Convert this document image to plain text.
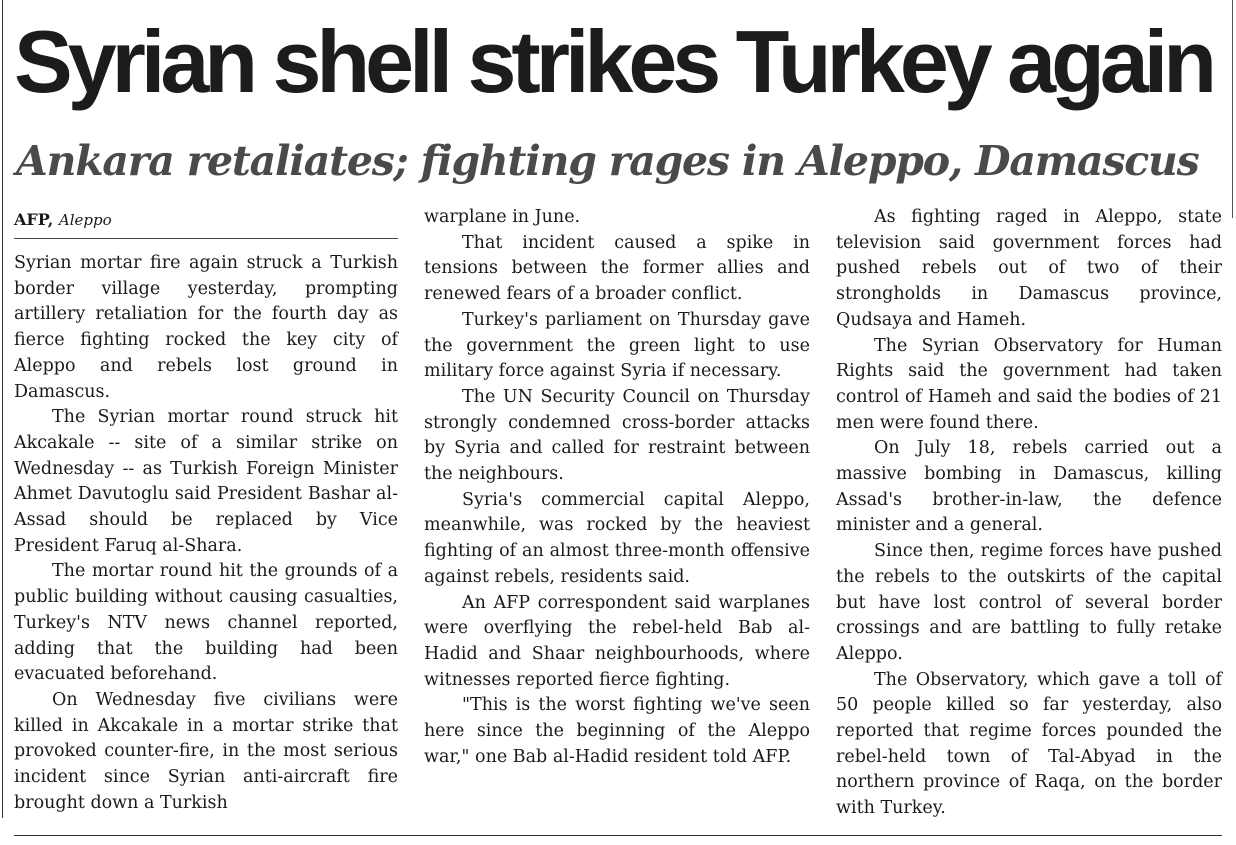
Syrian shell strikes Turkey again
Ankara retaliates; fighting rages in Aleppo, Damascus
AFP, Aleppo

Syrian mortar fire again struck a Turkish border village yesterday, prompting artillery retaliation for the fourth day as fierce fighting rocked the key city of Aleppo and rebels lost ground in Damascus.

The Syrian mortar round struck hit Akcakale -- site of a similar strike on Wednesday -- as Turkish Foreign Minister Ahmet Davutoglu said President Bashar al-Assad should be replaced by Vice President Faruq al-Shara.

The mortar round hit the grounds of a public building without causing casualties, Turkey's NTV news channel reported, adding that the building had been evacuated beforehand.

On Wednesday five civilians were killed in Akcakale in a mortar strike that provoked counter-fire, in the most serious incident since Syrian anti-aircraft fire brought down a Turkish

warplane in June.

That incident caused a spike in tensions between the former allies and renewed fears of a broader conflict.

Turkey's parliament on Thursday gave the government the green light to use military force against Syria if necessary.

The UN Security Council on Thursday strongly condemned cross-border attacks by Syria and called for restraint between the neighbours.

Syria's commercial capital Aleppo, meanwhile, was rocked by the heaviest fighting of an almost three-month offensive against rebels, residents said.

An AFP correspondent said warplanes were overflying the rebel-held Bab al-Hadid and Shaar neighbourhoods, where witnesses reported fierce fighting.

"This is the worst fighting we've seen here since the beginning of the Aleppo war," one Bab al-Hadid resident told AFP.

As fighting raged in Aleppo, state television said government forces had pushed rebels out of two of their strongholds in Damascus province, Qudsaya and Hameh.

The Syrian Observatory for Human Rights said the government had taken control of Hameh and said the bodies of 21 men were found there.

On July 18, rebels carried out a massive bombing in Damascus, killing Assad's brother-in-law, the defence minister and a general.

Since then, regime forces have pushed the rebels to the outskirts of the capital but have lost control of several border crossings and are battling to fully retake Aleppo.

The Observatory, which gave a toll of 50 people killed so far yesterday, also reported that regime forces pounded the rebel-held town of Tal-Abyad in the northern province of Raqa, on the border with Turkey.
